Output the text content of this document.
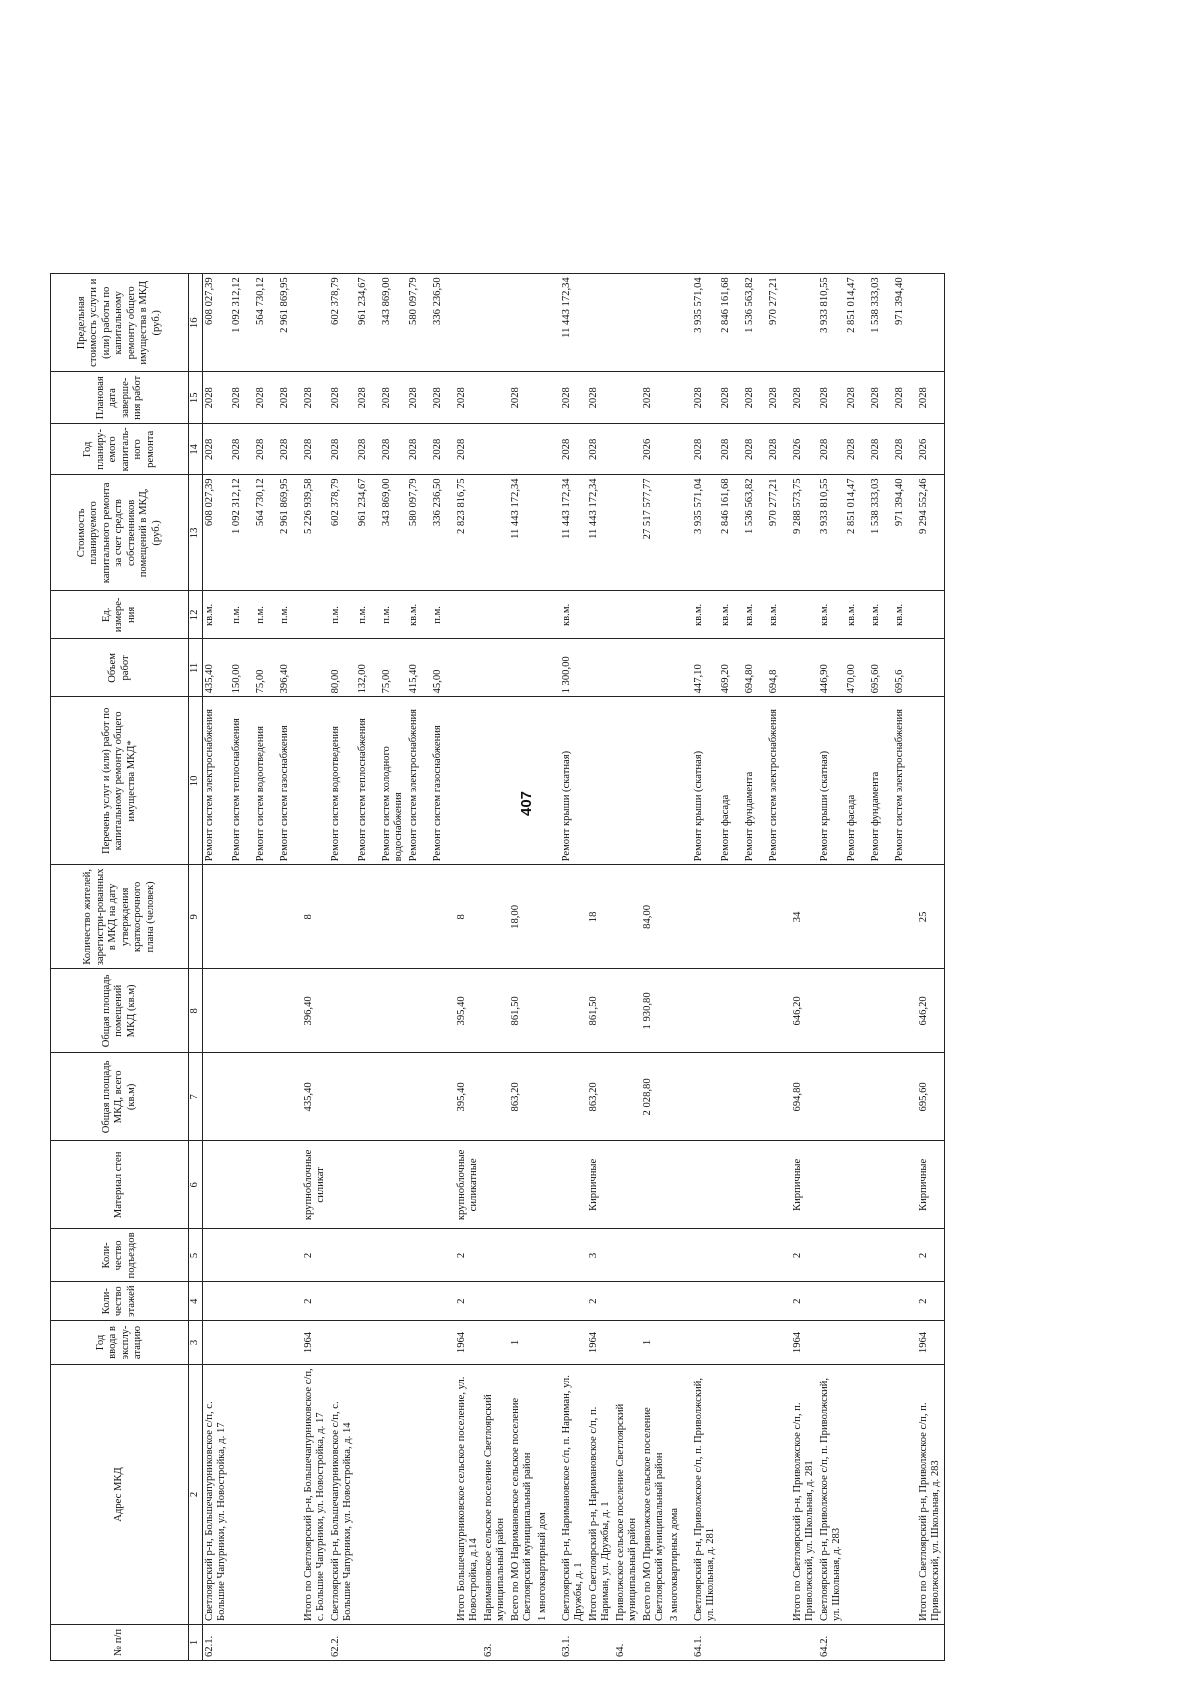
407
№ п/п	Адрес МКД	Год ввода в эксплу-атацию	Коли-чество этажей	Коли-чество подъездов	Материал стен	Общая площадь МКД, всего (кв.м)	Общая площадь помещений МКД (кв.м)	Количество жителей, зарегистри-рованных в МКД на дату утверждения краткосрочного плана (человек)	Перечень услуг и (или) работ по капитальному ремонту общего имущества МКД*	Объем работ	Ед. измере-ния	Стоимость планируемого капитального ремонта за счет средств собственников помещений в МКД, (руб.)	Год планиру-емого капиталь-ного ремонта	Плановая дата заверше-ния работ	Предельная стоимость услуги и (или) работы по капитальному ремонту общего имущества в МКД (руб.)
1	2	3	4	5	6	7	8	9	10	11	12	13	14	15	16
62.1.	Светлоярский р-н, Большечапурниковское с/п, с. Большие Чапурники, ул. Новостройка, д. 17								Ремонт систем электроснабжения	435,40	кв.м.	608 027,39	2028	2028	608 027,39
									Ремонт систем теплоснабжения	150,00	п.м.	1 092 312,12	2028	2028	1 092 312,12
									Ремонт систем водоотведения	75,00	п.м.	564 730,12	2028	2028	564 730,12
									Ремонт систем газоснабжения	396,40	п.м.	2 961 869,95	2028	2028	2 961 869,95
	Итого по Светлоярский р-н, Большечапурниковское с/п, с. Большие Чапурники, ул. Новостройка, д. 17	1964	2	2	крупноблочные силикат	435,40	396,40	8				5 226 939,58	2028	2028	
62.2.	Светлоярский р-н, Большечапурниковское с/п, с. Большие Чапурники, ул. Новостройка, д. 14								Ремонт систем водоотведения	80,00	п.м.	602 378,79	2028	2028	602 378,79
									Ремонт систем теплоснабжения	132,00	п.м.	961 234,67	2028	2028	961 234,67
									Ремонт систем холодного водоснабжения	75,00	п.м.	343 869,00	2028	2028	343 869,00
									Ремонт систем электроснабжения	415,40	кв.м.	580 097,79	2028	2028	580 097,79
									Ремонт систем газоснабжения	45,00	п.м.	336 236,50	2028	2028	336 236,50
	Итого Большечапурниковское сельское поселение, ул. Новостройка, д.14	1964	2	2	крупноблочные силикатные	395,40	395,40	8				2 823 816,75	2028	2028	
63.	Наримановское сельское поселение Светлоярский муниципальный район														
	Всего по МО Наримановское сельское поселение Светлоярский муниципальный район	1				863,20	861,50	18,00				11 443 172,34		2028	
	1 многоквартирный дом														
63.1.	Светлоярский р-н, Наримановское с/п, п. Нариман, ул. Дружбы, д. 1								Ремонт крыши (скатная)	1 300,00	кв.м.	11 443 172,34	2028	2028	11 443 172,34
	Итого Светлоярский р-н, Наримановское с/п, п. Нариман, ул. Дружбы, д. 1	1964	2	3	Кирпичные	863,20	861,50	18				11 443 172,34	2028	2028	
64.	Приволжское сельское поселение Светлоярский муниципальный район														
	Всего по МО Приволжское сельское поселение Светлоярский муниципальный район	1				2 028,80	1 930,80	84,00				27 517 577,77	2026	2028	
	3 многоквартирных дома														
64.1.	Светлоярский р-н, Приволжское с/п, п. Приволжский, ул. Школьная, д. 281								Ремонт крыши (скатная)	447,10	кв.м.	3 935 571,04	2028	2028	3 935 571,04
									Ремонт фасада	469,20	кв.м.	2 846 161,68	2028	2028	2 846 161,68
									Ремонт фундамента	694,80	кв.м.	1 536 563,82	2028	2028	1 536 563,82
									Ремонт систем электроснабжения	694,8	кв.м.	970 277,21	2028	2028	970 277,21
	Итого по Светлоярский р-н, Приволжское с/п, п. Приволжский, ул. Школьная, д. 281	1964	2	2	Кирпичные	694,80	646,20	34				9 288 573,75	2026	2028	
64.2.	Светлоярский р-н, Приволжское с/п, п. Приволжский, ул. Школьная, д. 283								Ремонт крыши (скатная)	446,90	кв.м.	3 933 810,55	2028	2028	3 933 810,55
									Ремонт фасада	470,00	кв.м.	2 851 014,47	2028	2028	2 851 014,47
									Ремонт фундамента	695,60	кв.м.	1 538 333,03	2028	2028	1 538 333,03
									Ремонт систем электроснабжения	695,6	кв.м.	971 394,40	2028	2028	971 394,40
	Итого по Светлоярский р-н, Приволжское с/п, п. Приволжский, ул. Школьная, д. 283	1964	2	2	Кирпичные	695,60	646,20	25				9 294 552,46	2026	2028	
